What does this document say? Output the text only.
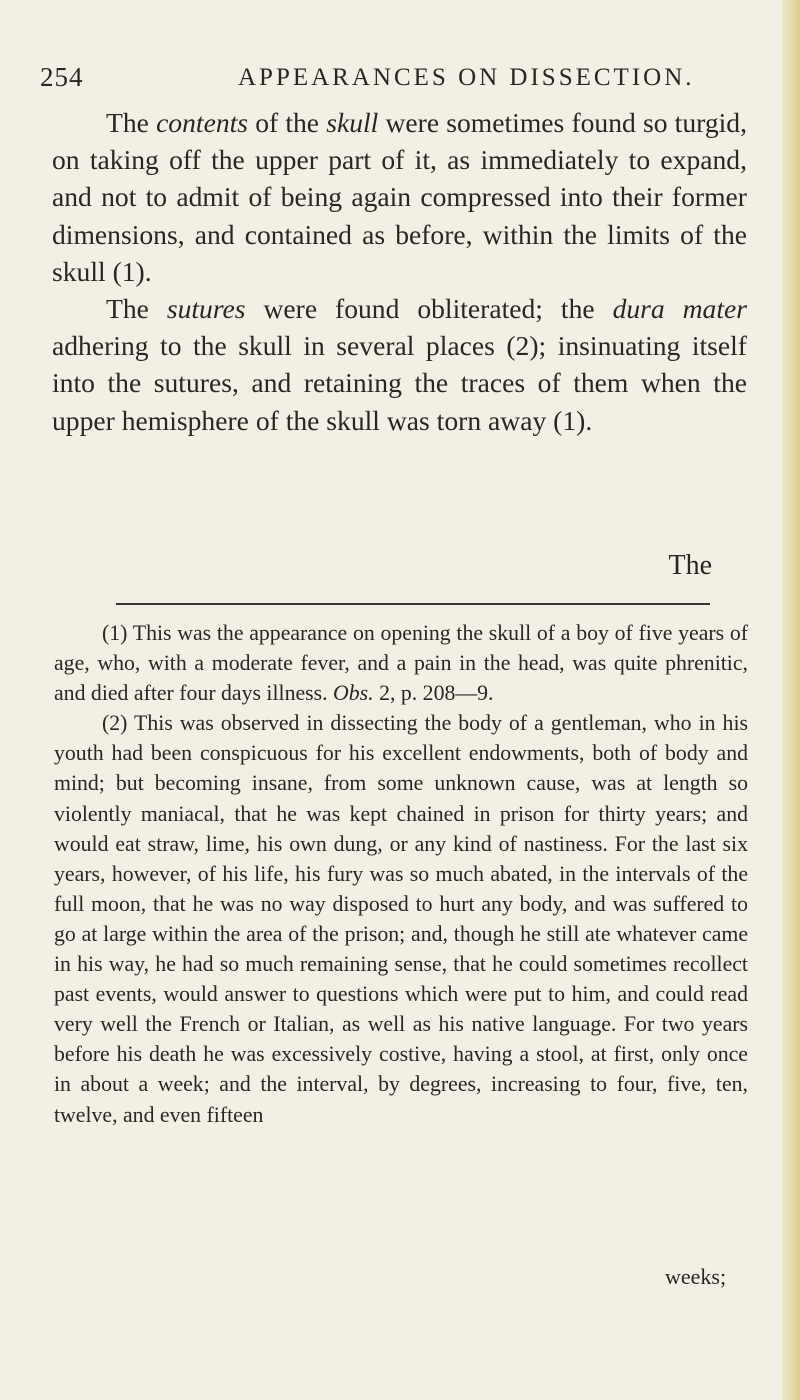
254	APPEARANCES ON DISSECTION.

The contents of the skull were sometimes found so turgid, on taking off the upper part of it, as immediately to expand, and not to admit of being again compressed into their former dimensions, and contained as before, within the limits of the skull (1).

The sutures were found obliterated; the dura mater adhering to the skull in several places (2); insinuating itself into the sutures, and retaining the traces of them when the upper hemisphere of the skull was torn away (1).

The

(1) This was the appearance on opening the skull of a boy of five years of age, who, with a moderate fever, and a pain in the head, was quite phrenitic, and died after four days illness. Obs. 2, p. 208—9.

(2) This was observed in dissecting the body of a gentleman, who in his youth had been conspicuous for his excellent endowments, both of body and mind; but becoming insane, from some unknown cause, was at length so violently maniacal, that he was kept chained in prison for thirty years; and would eat straw, lime, his own dung, or any kind of nastiness. For the last six years, however, of his life, his fury was so much abated, in the intervals of the full moon, that he was no way disposed to hurt any body, and was suffered to go at large within the area of the prison; and, though he still ate whatever came in his way, he had so much remaining sense, that he could sometimes recollect past events, would answer to questions which were put to him, and could read very well the French or Italian, as well as his native language. For two years before his death he was excessively costive, having a stool, at first, only once in about a week; and the interval, by degrees, increasing to four, five, ten, twelve, and even fifteen

weeks;
